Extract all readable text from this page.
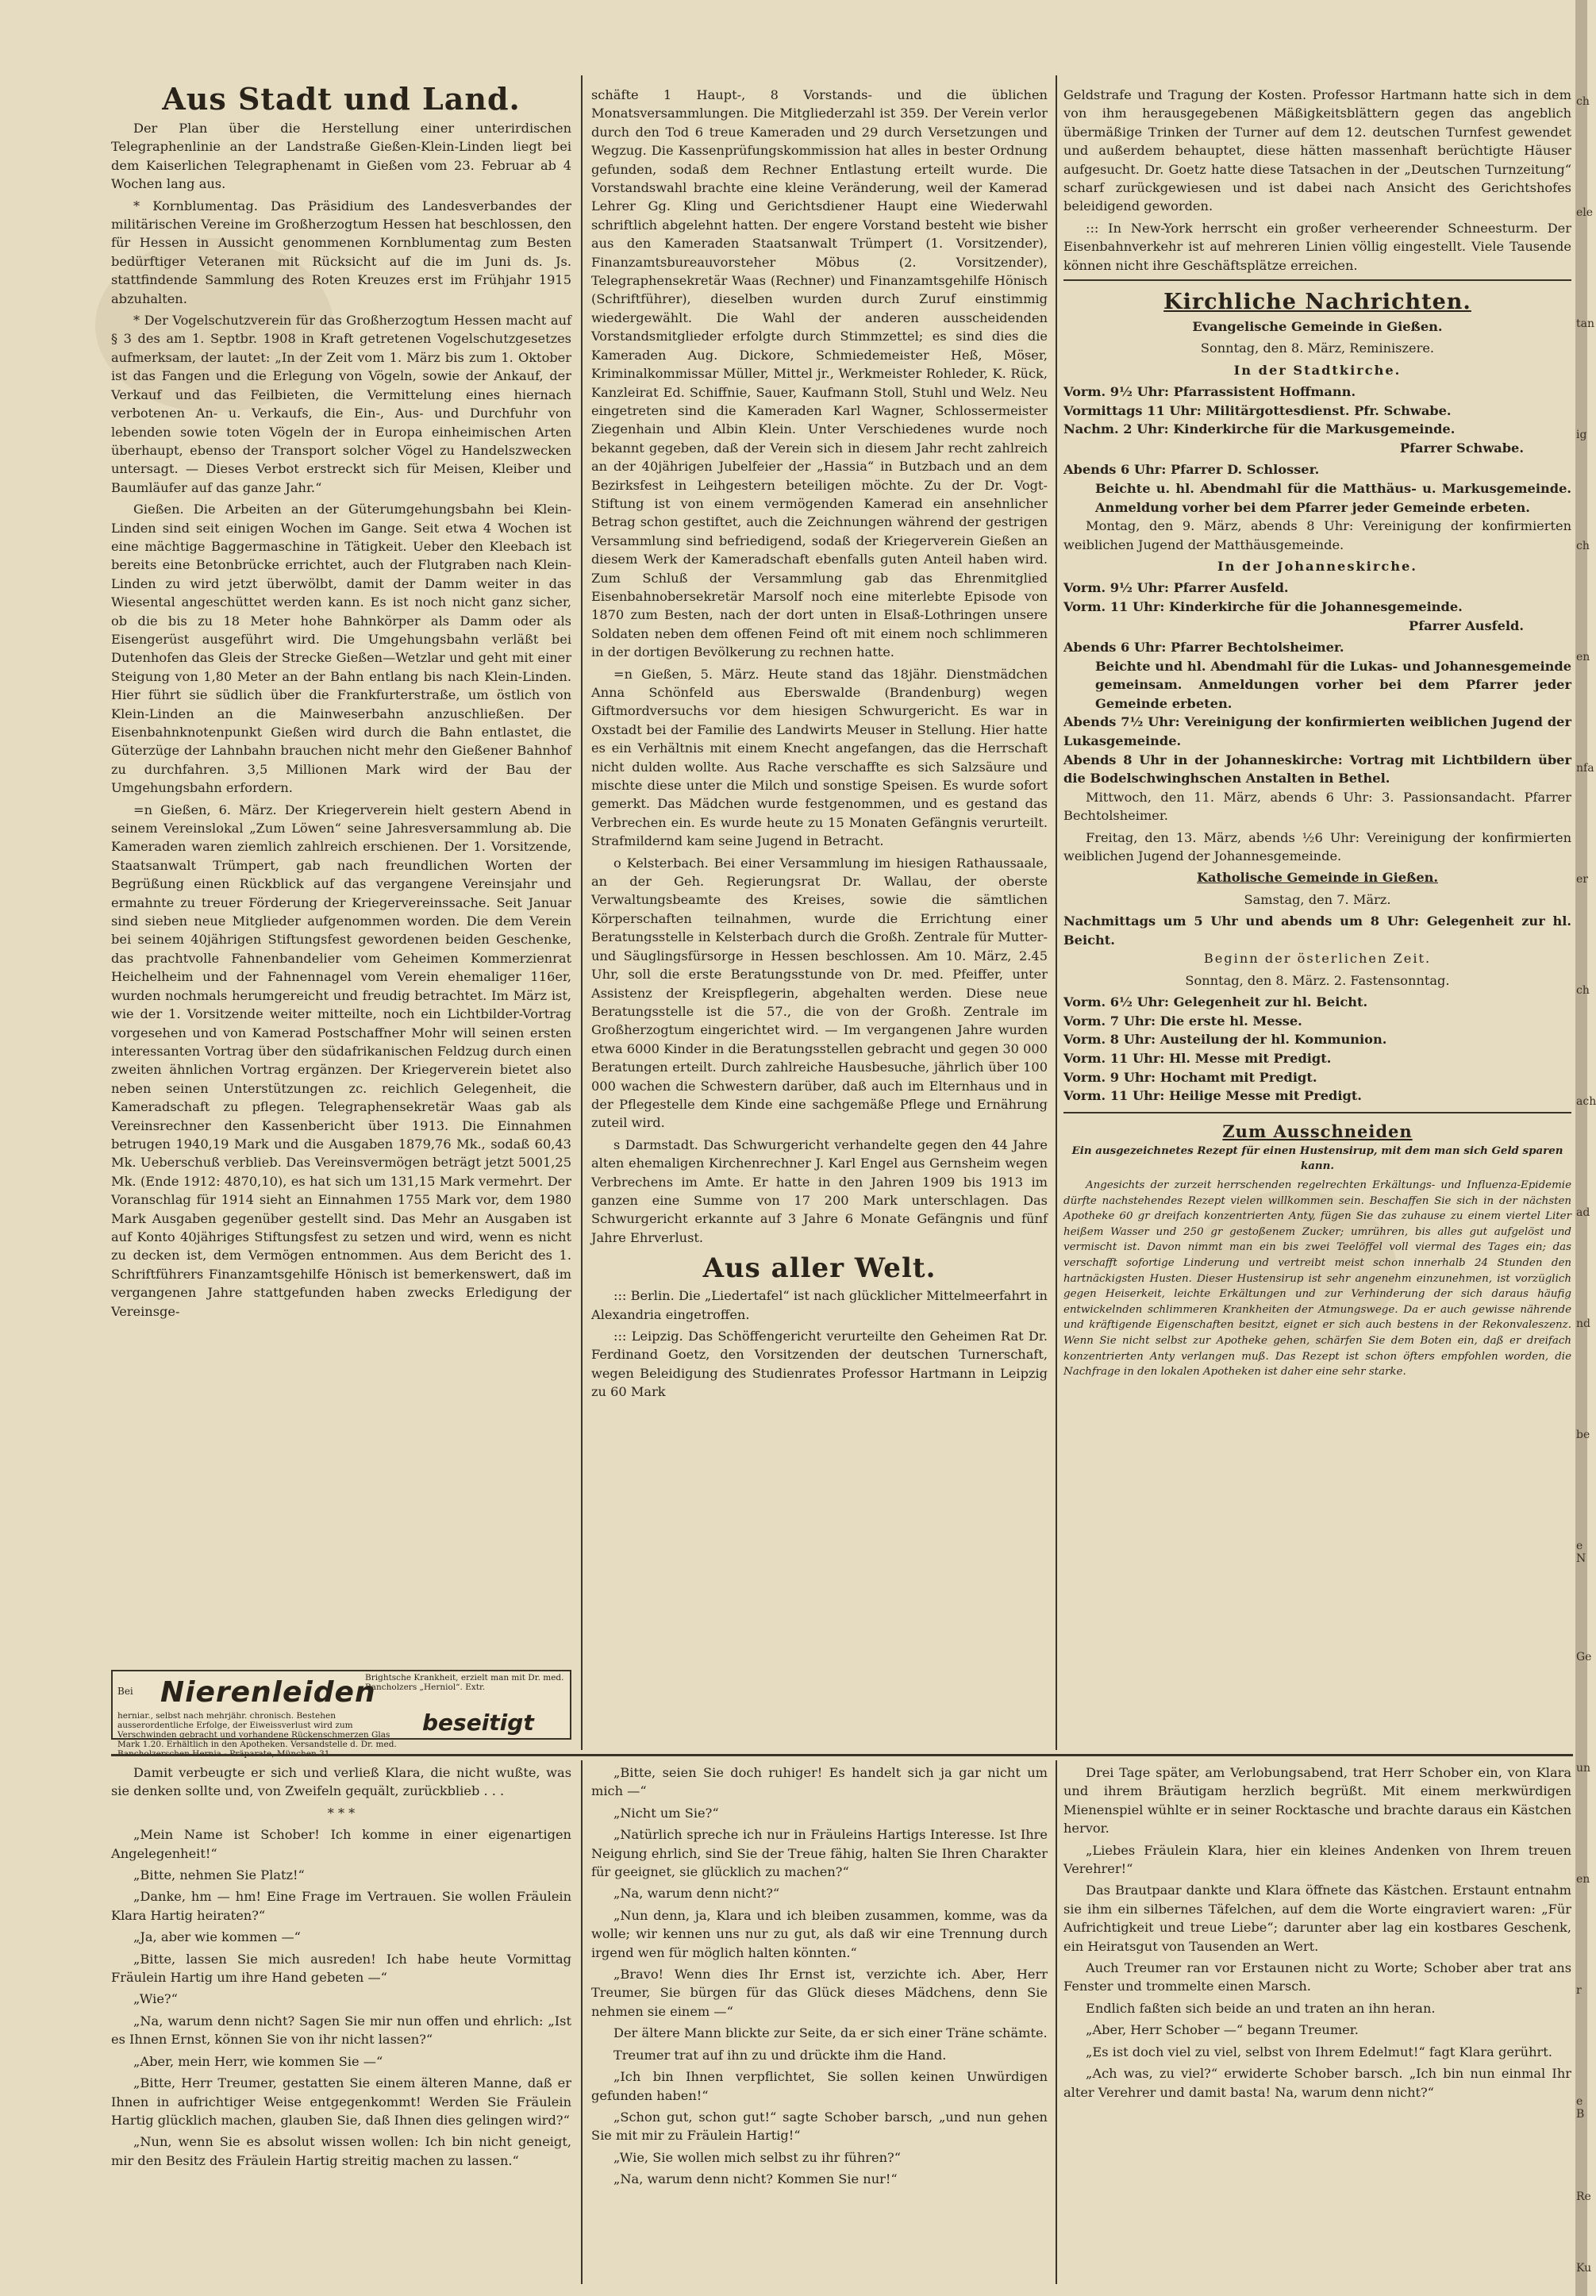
Aus Stadt und Land.

Der Plan über die Herstellung einer unterirdischen Telegraphenlinie an der Landstraße Gießen-Klein-Linden liegt bei dem Kaiserlichen Telegraphenamt in Gießen vom 23. Februar ab 4 Wochen lang aus.

* Kornblumentag. Das Präsidium des Landesverbandes der militärischen Vereine im Großherzogtum Hessen hat beschlossen, den für Hessen in Aussicht genommenen Kornblumentag zum Besten bedürftiger Veteranen mit Rücksicht auf die im Juni ds. Js. stattfindende Sammlung des Roten Kreuzes erst im Frühjahr 1915 abzuhalten.

* Der Vogelschutzverein für das Großherzogtum Hessen macht auf § 3 des am 1. Septbr. 1908 in Kraft getretenen Vogelschutzgesetzes aufmerksam, der lautet: „In der Zeit vom 1. März bis zum 1. Oktober ist das Fangen und die Erlegung von Vögeln, sowie der Ankauf, der Verkauf und das Feilbieten, die Vermittelung eines hiernach verbotenen An- u. Verkaufs, die Ein-, Aus- und Durchfuhr von lebenden sowie toten Vögeln der in Europa einheimischen Arten überhaupt, ebenso der Transport solcher Vögel zu Handelszwecken untersagt. — Dieses Verbot erstreckt sich für Meisen, Kleiber und Baumläufer auf das ganze Jahr.“

Gießen. Die Arbeiten an der Güterumgehungsbahn bei Klein-Linden sind seit einigen Wochen im Gange. Seit etwa 4 Wochen ist eine mächtige Baggermaschine in Tätigkeit. Ueber den Kleebach ist bereits eine Betonbrücke errichtet, auch der Flutgraben nach Klein-Linden zu wird jetzt überwölbt, damit der Damm weiter in das Wiesental angeschüttet werden kann. Es ist noch nicht ganz sicher, ob die bis zu 18 Meter hohe Bahnkörper als Damm oder als Eisengerüst ausgeführt wird. Die Umgehungsbahn verläßt bei Dutenhofen das Gleis der Strecke Gießen—Wetzlar und geht mit einer Steigung von 1,80 Meter an der Bahn entlang bis nach Klein-Linden. Hier führt sie südlich über die Frankfurterstraße, um östlich von Klein-Linden an die Mainweserbahn anzuschließen. Der Eisenbahnknotenpunkt Gießen wird durch die Bahn entlastet, die Güterzüge der Lahnbahn brauchen nicht mehr den Gießener Bahnhof zu durchfahren. 3,5 Millionen Mark wird der Bau der Umgehungsbahn erfordern.

=n Gießen, 6. März. Der Kriegerverein hielt gestern Abend in seinem Vereinslokal „Zum Löwen“ seine Jahresversammlung ab. Die Kameraden waren ziemlich zahlreich erschienen. Der 1. Vorsitzende, Staatsanwalt Trümpert, gab nach freundlichen Worten der Begrüßung einen Rückblick auf das vergangene Vereinsjahr und ermahnte zu treuer Förderung der Kriegervereinssache. Seit Januar sind sieben neue Mitglieder aufgenommen worden. Die dem Verein bei seinem 40jährigen Stiftungsfest gewordenen beiden Geschenke, das prachtvolle Fahnenbandelier vom Geheimen Kommerzienrat Heichelheim und der Fahnennagel vom Verein ehemaliger 116er, wurden nochmals herumgereicht und freudig betrachtet. Im März ist, wie der 1. Vorsitzende weiter mitteilte, noch ein Lichtbilder-Vortrag vorgesehen und von Kamerad Postschaffner Mohr will seinen ersten interessanten Vortrag über den südafrikanischen Feldzug durch einen zweiten ähnlichen Vortrag ergänzen. Der Kriegerverein bietet also neben seinen Unterstützungen zc. reichlich Gelegenheit, die Kameradschaft zu pflegen. Telegraphensekretär Waas gab als Vereinsrechner den Kassenbericht über 1913. Die Einnahmen betrugen 1940,19 Mark und die Ausgaben 1879,76 Mk., sodaß 60,43 Mk. Ueberschuß verblieb. Das Vereinsvermögen beträgt jetzt 5001,25 Mk. (Ende 1912: 4870,10), es hat sich um 131,15 Mark vermehrt. Der Voranschlag für 1914 sieht an Einnahmen 1755 Mark vor, dem 1980 Mark Ausgaben gegenüber gestellt sind. Das Mehr an Ausgaben ist auf Konto 40jähriges Stiftungsfest zu setzen und wird, wenn es nicht zu decken ist, dem Vermögen entnommen. Aus dem Bericht des 1. Schriftführers Finanzamtsgehilfe Hönisch ist bemerkenswert, daß im vergangenen Jahre stattgefunden haben zwecks Erledigung der Vereinsge-

Bei Nierenleiden
Brightsche Krankheit, erzielt man mit Dr. med. Bancholzers „Herniol“. Extr.
herniar., selbst nach mehrjähr. chronisch. Bestehen ausserordentliche Erfolge, der Eiweissverlust wird zum Verschwinden gebracht und vorhandene Rückenschmerzen Glas Mark 1.20. Erhältlich in den Apotheken. Versandstelle d. Dr. med.
beseitigt

schäfte 1 Haupt-, 8 Vorstands- und die üblichen Monatsversammlungen. Die Mitgliederzahl ist 359. Der Verein verlor durch den Tod 6 treue Kameraden und 29 durch Versetzungen und Wegzug. Die Kassenprüfungskommission hat alles in bester Ordnung gefunden, sodaß dem Rechner Entlastung erteilt wurde. Die Vorstandswahl brachte eine kleine Veränderung, weil der Kamerad Lehrer Gg. Kling und Gerichtsdiener Haupt eine Wiederwahl schriftlich abgelehnt hatten. Der engere Vorstand besteht wie bisher aus den Kameraden Staatsanwalt Trümpert (1. Vorsitzender), Finanzamtsbureauvorsteher Möbus (2. Vorsitzender), Telegraphensekretär Waas (Rechner) und Finanzamtsgehilfe Hönisch (Schriftführer), dieselben wurden durch Zuruf einstimmig wiedergewählt. Die Wahl der anderen ausscheidenden Vorstandsmitglieder erfolgte durch Stimmzettel; es sind dies die Kameraden Aug. Dickore, Schmiedemeister Heß, Möser, Kriminalkommissar Müller, Mittel jr., Werkmeister Rohleder, K. Rück, Kanzleirat Ed. Schiffnie, Sauer, Kaufmann Stoll, Stuhl und Welz. Neu eingetreten sind die Kameraden Karl Wagner, Schlossermeister Ziegenhain und Albin Klein. Unter Verschiedenes wurde noch bekannt gegeben, daß der Verein sich in diesem Jahr recht zahlreich an der 40jährigen Jubelfeier der „Hassia“ in Butzbach und an dem Bezirksfest in Leihgestern beteiligen möchte. Zu der Dr. Vogt-Stiftung ist von einem vermögenden Kamerad ein ansehnlicher Betrag schon gestiftet, auch die Zeichnungen während der gestrigen Versammlung sind befriedigend, sodaß der Kriegerverein Gießen an diesem Werk der Kameradschaft ebenfalls guten Anteil haben wird. Zum Schluß der Versammlung gab das Ehrenmitglied Eisenbahnobersekretär Marsolf noch eine miterlebte Episode von 1870 zum Besten, nach der dort unten in Elsaß-Lothringen unsere Soldaten neben dem offenen Feind oft mit einem noch schlimmeren in der dortigen Bevölkerung zu rechnen hatte.

=n Gießen, 5. März. Heute stand das 18jähr. Dienstmädchen Anna Schönfeld aus Eberswalde (Brandenburg) wegen Giftmordversuchs vor dem hiesigen Schwurgericht. Es war in Oxstadt bei der Familie des Landwirts Meuser in Stellung. Hier hatte es ein Verhältnis mit einem Knecht angefangen, das die Herrschaft nicht dulden wollte. Aus Rache verschaffte es sich Salzsäure und mischte diese unter die Milch und sonstige Speisen. Es wurde sofort gemerkt. Das Mädchen wurde festgenommen, und es gestand das Verbrechen ein. Es wurde heute zu 15 Monaten Gefängnis verurteilt. Strafmildernd kam seine Jugend in Betracht.

o Kelsterbach. Bei einer Versammlung im hiesigen Rathaussaale, an der Geh. Regierungsrat Dr. Wallau, der oberste Verwaltungsbeamte des Kreises, sowie die sämtlichen Körperschaften teilnahmen, wurde die Errichtung einer Beratungsstelle in Kelsterbach durch die Großh. Zentrale für Mutter- und Säuglingsfürsorge in Hessen beschlossen. Am 10. März, 2.45 Uhr, soll die erste Beratungsstunde von Dr. med. Pfeiffer, unter Assistenz der Kreispflegerin, abgehalten werden. Diese neue Beratungsstelle ist die 57., die von der Großh. Zentrale im Großherzogtum eingerichtet wird. — Im vergangenen Jahre wurden etwa 6000 Kinder in die Beratungsstellen gebracht und gegen 30 000 Beratungen erteilt. Durch zahlreiche Hausbesuche, jährlich über 100 000 wachen die Schwestern darüber, daß auch im Elternhaus und in der Pflegestelle dem Kinde eine sachgemäße Pflege und Ernährung zuteil wird.

s Darmstadt. Das Schwurgericht verhandelte gegen den 44 Jahre alten ehemaligen Kirchenrechner J. Karl Engel aus Gernsheim wegen Verbrechens im Amte. Er hatte in den Jahren 1909 bis 1913 im ganzen eine Summe von 17 200 Mark unterschlagen. Das Schwurgericht erkannte auf 3 Jahre 6 Monate Gefängnis und fünf Jahre Ehrverlust.

Aus aller Welt.

::: Berlin. Die „Liedertafel“ ist nach glücklicher Mittelmeerfahrt in Alexandria eingetroffen.

::: Leipzig. Das Schöffengericht verurteilte den Geheimen Rat Dr. Ferdinand Goetz, den Vorsitzenden der deutschen Turnerschaft, wegen Beleidigung des Studienrates Professor Hartmann in Leipzig zu 60 Mark

Geldstrafe und Tragung der Kosten. Professor Hartmann hatte sich in dem von ihm herausgegebenen Mäßigkeitsblättern gegen das angeblich übermäßige Trinken der Turner auf dem 12. deutschen Turnfest gewendet und außerdem behauptet, diese hätten massenhaft berüchtigte Häuser aufgesucht. Dr. Goetz hatte diese Tatsachen in der „Deutschen Turnzeitung“ scharf zurückgewiesen und ist dabei nach Ansicht des Gerichtshofes beleidigend geworden.

::: In New-York herrscht ein großer verheerender Schneesturm. Der Eisenbahnverkehr ist auf mehreren Linien völlig eingestellt. Viele Tausende können nicht ihre Geschäftsplätze erreichen.

Kirchliche Nachrichten.

Evangelische Gemeinde in Gießen.

Sonntag, den 8. März, Reminiszere.

In der Stadtkirche.

Vorm. 9½ Uhr: Pfarrassistent Hoffmann.

Vormittags 11 Uhr: Militärgottesdienst. Pfr. Schwabe.

Nachm. 2 Uhr: Kinderkirche für die Markusgemeinde.

Pfarrer Schwabe.

Abends 6 Uhr: Pfarrer D. Schlosser.

Beichte u. hl. Abendmahl für die Matthäus- u. Markusgemeinde. Anmeldung vorher bei dem Pfarrer jeder Gemeinde erbeten.

Montag, den 9. März, abends 8 Uhr: Vereinigung der konfirmierten weiblichen Jugend der Matthäusgemeinde.

In der Johanneskirche.

Vorm. 9½ Uhr: Pfarrer Ausfeld.

Vorm. 11 Uhr: Kinderkirche für die Johannesgemeinde.

Pfarrer Ausfeld.

Abends 6 Uhr: Pfarrer Bechtolsheimer.

Beichte und hl. Abendmahl für die Lukas- und Johannesgemeinde gemeinsam. Anmeldungen vorher bei dem Pfarrer jeder Gemeinde erbeten.

Abends 7½ Uhr: Vereinigung der konfirmierten weiblichen Jugend der Lukasgemeinde.

Abends 8 Uhr in der Johanneskirche: Vortrag mit Lichtbildern über die Bodelschwinghschen Anstalten in Bethel.

Mittwoch, den 11. März, abends 6 Uhr: 3. Passionsandacht. Pfarrer Bechtolsheimer.

Freitag, den 13. März, abends ½6 Uhr: Vereinigung der konfirmierten weiblichen Jugend der Johannesgemeinde.

Katholische Gemeinde in Gießen.

Samstag, den 7. März.

Nachmittags um 5 Uhr und abends um 8 Uhr: Gelegenheit zur hl. Beicht.

Beginn der österlichen Zeit.

Sonntag, den 8. März. 2. Fastensonntag.

Vorm. 6½ Uhr: Gelegenheit zur hl. Beicht.

Vorm. 7 Uhr: Die erste hl. Messe.

Vorm. 8 Uhr: Austeilung der hl. Kommunion.

Vorm. 11 Uhr: Hl. Messe mit Predigt.

Vorm. 9 Uhr: Hochamt mit Predigt.

Vorm. 11 Uhr: Heilige Messe mit Predigt.

Zum Ausschneiden

Ein ausgezeichnetes Rezept für einen Hustensirup, mit dem man sich Geld sparen kann.

Angesichts der zurzeit herrschenden regelrechten Erkältungs- und Influenza-Epidemie dürfte nachstehendes Rezept vielen willkommen sein. Beschaffen Sie sich in der nächsten Apotheke 60 gr dreifach konzentrierten Anty, fügen Sie das zuhause zu einem viertel Liter heißem Wasser und 250 gr gestoßenem Zucker; umrühren, bis alles gut aufgelöst und vermischt ist. Davon nimmt man ein bis zwei Teelöffel voll viermal des Tages ein; das verschafft sofortige Linderung und vertreibt meist schon innerhalb 24 Stunden den hartnäckigsten Husten. Dieser Hustensirup ist sehr angenehm einzunehmen, ist vorzüglich gegen Heiserkeit, leichte Erkältungen und zur Verhinderung der sich daraus häufig entwickelnden schlimmeren Krankheiten der Atmungswege. Da er auch gewisse nährende und kräftigende Eigenschaften besitzt, eignet er sich auch bestens in der Rekonvaleszenz. Wenn Sie nicht selbst zur Apotheke gehen, schärfen Sie dem Boten ein, daß er dreifach konzentrierten Anty verlangen muß. Das Rezept ist schon öfters empfohlen worden, die Nachfrage in den lokalen Apotheken ist daher eine sehr starke.

Damit verbeugte er sich und verließ Klara, die nicht wußte, was sie denken sollte und, von Zweifeln gequält, zurückblieb . . .

* * *

„Mein Name ist Schober! Ich komme in einer eigenartigen Angelegenheit!“

„Bitte, nehmen Sie Platz!“

„Danke, hm — hm! Eine Frage im Vertrauen. Sie wollen Fräulein Klara Hartig heiraten?“

„Ja, aber wie kommen —“

„Bitte, lassen Sie mich ausreden! Ich habe heute Vormittag Fräulein Hartig um ihre Hand gebeten —“

„Wie?“

„Na, warum denn nicht? Sagen Sie mir nun offen und ehrlich: „Ist es Ihnen Ernst, können Sie von ihr nicht lassen?“

„Aber, mein Herr, wie kommen Sie —“

„Bitte, Herr Treumer, gestatten Sie einem älteren Manne, daß er Ihnen in aufrichtiger Weise entgegenkommt! Werden Sie Fräulein Hartig glücklich machen, glauben Sie, daß Ihnen dies gelingen wird?“

„Nun, wenn Sie es absolut wissen wollen: Ich bin nicht geneigt, mir den Besitz des Fräulein Hartig streitig machen zu lassen.“

„Bitte, seien Sie doch ruhiger! Es handelt sich ja gar nicht um mich —“

„Nicht um Sie?“

„Natürlich spreche ich nur in Fräuleins Hartigs Interesse. Ist Ihre Neigung ehrlich, sind Sie der Treue fähig, halten Sie Ihren Charakter für geeignet, sie glücklich zu machen?“

„Na, warum denn nicht?“

„Nun denn, ja, Klara und ich bleiben zusammen, komme, was da wolle; wir kennen uns nur zu gut, als daß wir eine Trennung durch irgend wen für möglich halten könnten.“

„Bravo! Wenn dies Ihr Ernst ist, verzichte ich. Aber, Herr Treumer, Sie bürgen für das Glück dieses Mädchens, denn Sie nehmen sie einem —“

Der ältere Mann blickte zur Seite, da er sich einer Träne schämte.

Treumer trat auf ihn zu und drückte ihm die Hand.

„Ich bin Ihnen verpflichtet, Sie sollen keinen Unwürdigen gefunden haben!“

„Schon gut, schon gut!“ sagte Schober barsch, „und nun gehen Sie mit mir zu Fräulein Hartig!“

„Wie, Sie wollen mich selbst zu ihr führen?“

„Na, warum denn nicht? Kommen Sie nur!“

Drei Tage später, am Verlobungsabend, trat Herr Schober ein, von Klara und ihrem Bräutigam herzlich begrüßt. Mit einem merkwürdigen Mienenspiel wühlte er in seiner Rocktasche und brachte daraus ein Kästchen hervor.

„Liebes Fräulein Klara, hier ein kleines Andenken von Ihrem treuen Verehrer!“

Das Brautpaar dankte und Klara öffnete das Kästchen. Erstaunt entnahm sie ihm ein silbernes Täfelchen, auf dem die Worte eingraviert waren: „Für Aufrichtigkeit und treue Liebe“; darunter aber lag ein kostbares Geschenk, ein Heiratsgut von Tausenden an Wert.

Auch Treumer ran vor Erstaunen nicht zu Worte; Schober aber trat ans Fenster und trommelte einen Marsch.

Endlich faßten sich beide an und traten an ihn heran.

„Aber, Herr Schober —“ begann Treumer.

„Es ist doch viel zu viel, selbst von Ihrem Edelmut!“ fagt Klara gerührt.

„Ach was, zu viel?“ erwiderte Schober barsch. „Ich bin nun einmal Ihr alter Verehrer und damit basta! Na, warum denn nicht?“

ch
ele
tan
ig
ch
en
nfa
er
ch
ach
ad
nd
be
e N
Ge
un
en
r
e B
Re
Ku
